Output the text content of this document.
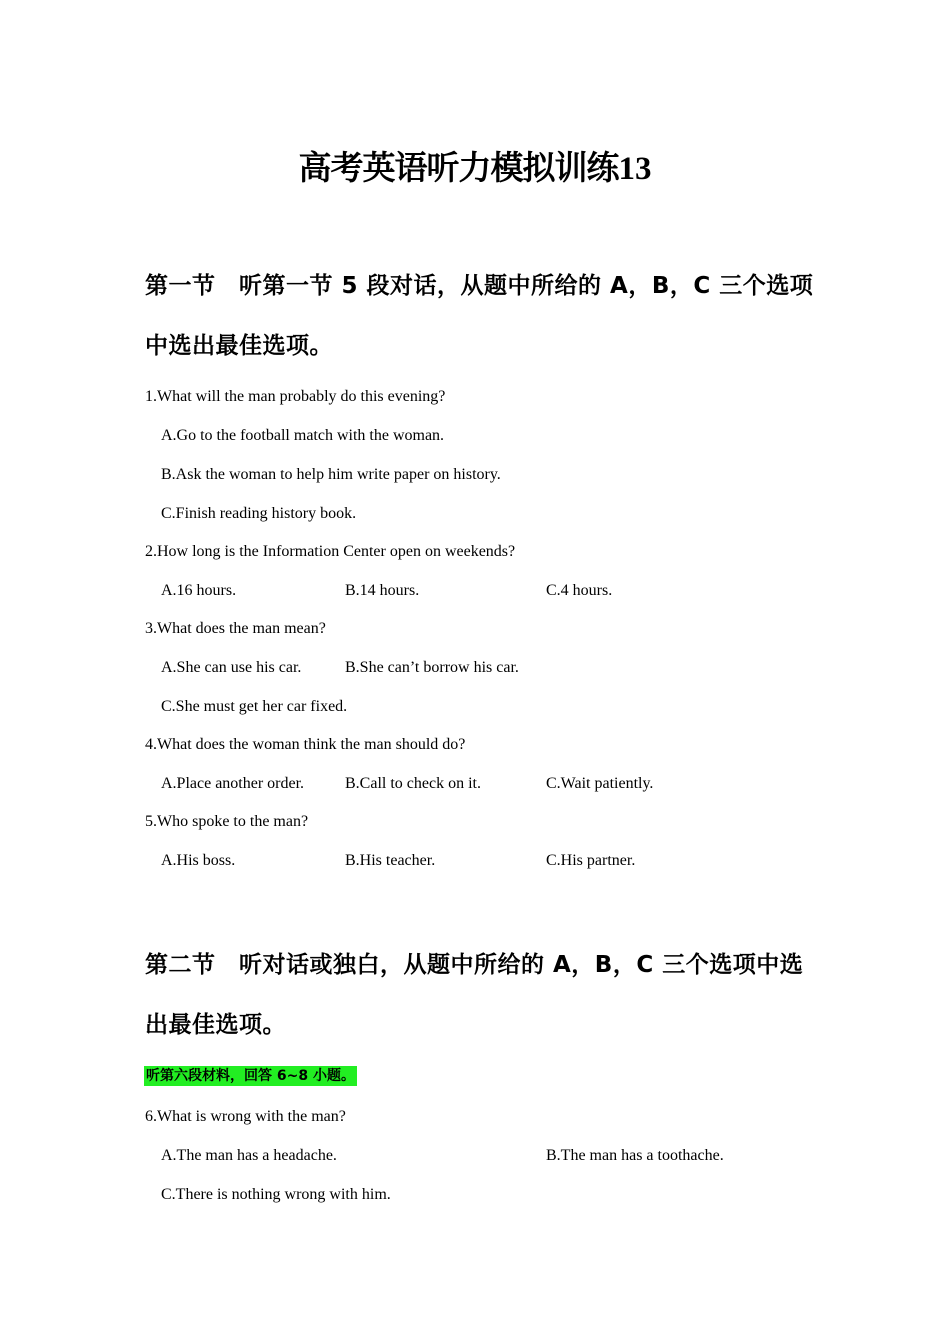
高考英语听力模拟训练13
第一节　听第一节 5 段对话，从题中所给的 A，B，C 三个选项中选出最佳选项。
1.What will the man probably do this evening?
A.Go to the football match with the woman.
B.Ask the woman to help him write paper on history.
C.Finish reading history book.
2.How long is the Information Center open on weekends?
A.16 hours.	B.14 hours.	C.4 hours.
3.What does the man mean?
A.She can use his car.	B.She can’t borrow his car.
C.She must get her car fixed.
4.What does the woman think the man should do?
A.Place another order.	B.Call to check on it.	C.Wait patiently.
5.Who spoke to the man?
A.His boss.	B.His teacher.	C.His partner.
第二节　听对话或独白，从题中所给的 A，B，C 三个选项中选出最佳选项。
听第六段材料，回答 6~8 小题。
6.What is wrong with the man?
A.The man has a headache.	B.The man has a toothache.
C.There is nothing wrong with him.
